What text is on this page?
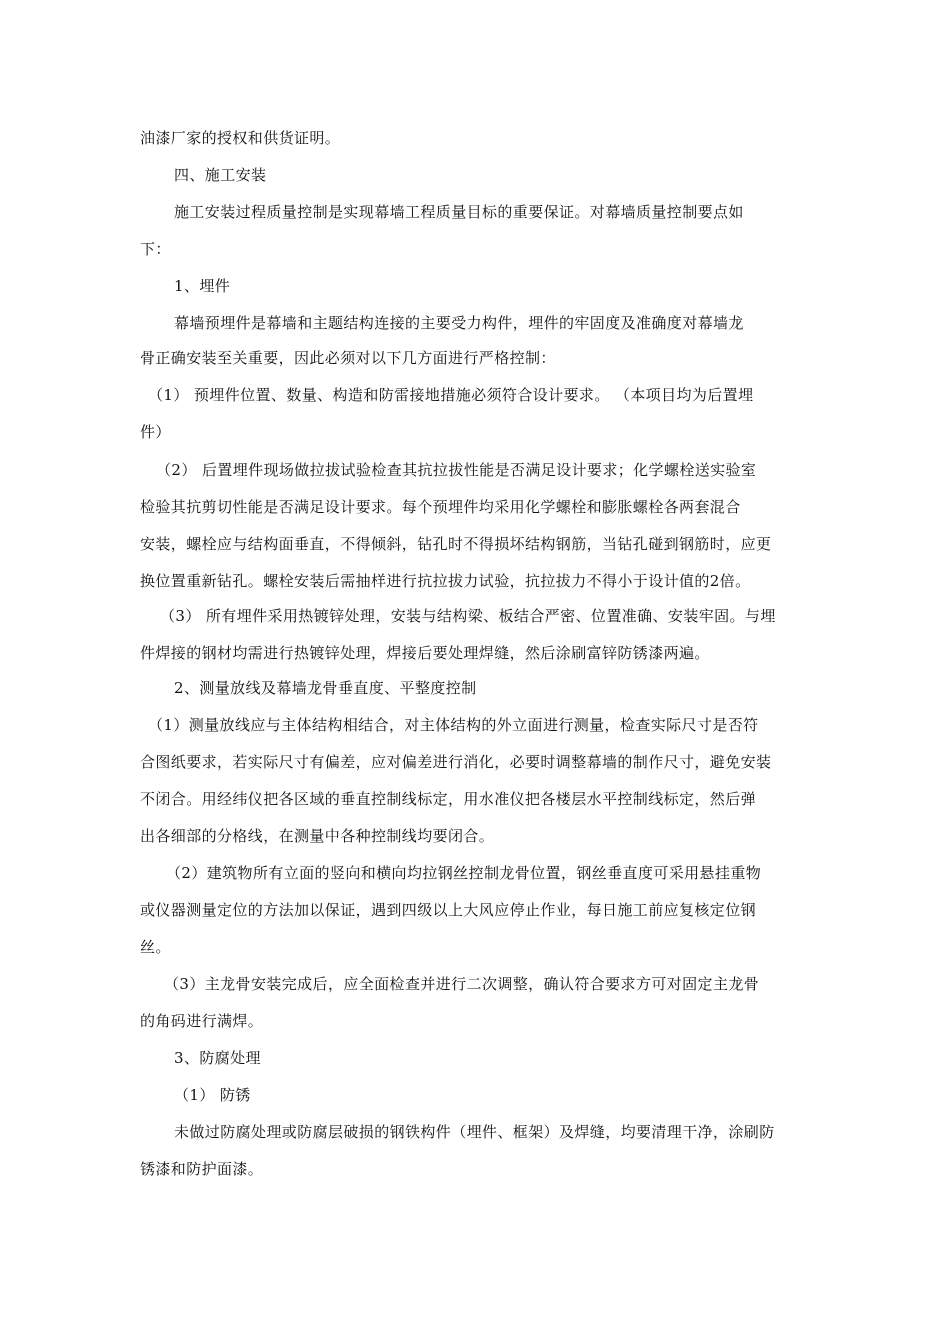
油漆厂家的授权和供货证明。
四、施工安装
施工安装过程质量控制是实现幕墙工程质量目标的重要保证。对幕墙质量控制要点如
下：
1、埋件
幕墙预埋件是幕墙和主题结构连接的主要受力构件，埋件的牢固度及准确度对幕墙龙
骨正确安装至关重要，因此必须对以下几方面进行严格控制：
（1） 预埋件位置、数量、构造和防雷接地措施必须符合设计要求。 （本项目均为后置埋
件）
（2） 后置埋件现场做拉拔试验检查其抗拉拔性能是否满足设计要求；化学螺栓送实验室
检验其抗剪切性能是否满足设计要求。每个预埋件均采用化学螺栓和膨胀螺栓各两套混合
安装，螺栓应与结构面垂直，不得倾斜，钻孔时不得损坏结构钢筋，当钻孔碰到钢筋时，应更
换位置重新钻孔。螺栓安装后需抽样进行抗拉拔力试验，抗拉拔力不得小于设计值的2倍。
（3） 所有埋件采用热镀锌处理，安装与结构梁、板结合严密、位置准确、安装牢固。与埋
件焊接的钢材均需进行热镀锌处理，焊接后要处理焊缝，然后涂刷富锌防锈漆两遍。
2、测量放线及幕墙龙骨垂直度、平整度控制
（1）测量放线应与主体结构相结合，对主体结构的外立面进行测量，检查实际尺寸是否符
合图纸要求，若实际尺寸有偏差，应对偏差进行消化，必要时调整幕墙的制作尺寸，避免安装
不闭合。用经纬仪把各区域的垂直控制线标定，用水准仪把各楼层水平控制线标定，然后弹
出各细部的分格线，在测量中各种控制线均要闭合。
（2）建筑物所有立面的竖向和横向均拉钢丝控制龙骨位置，钢丝垂直度可采用悬挂重物
或仪器测量定位的方法加以保证，遇到四级以上大风应停止作业，每日施工前应复核定位钢
丝。
（3）主龙骨安装完成后，应全面检查并进行二次调整，确认符合要求方可对固定主龙骨
的角码进行满焊。
3、防腐处理
（1） 防锈
未做过防腐处理或防腐层破损的钢铁构件（埋件、框架）及焊缝，均要清理干净，涂刷防
锈漆和防护面漆。
